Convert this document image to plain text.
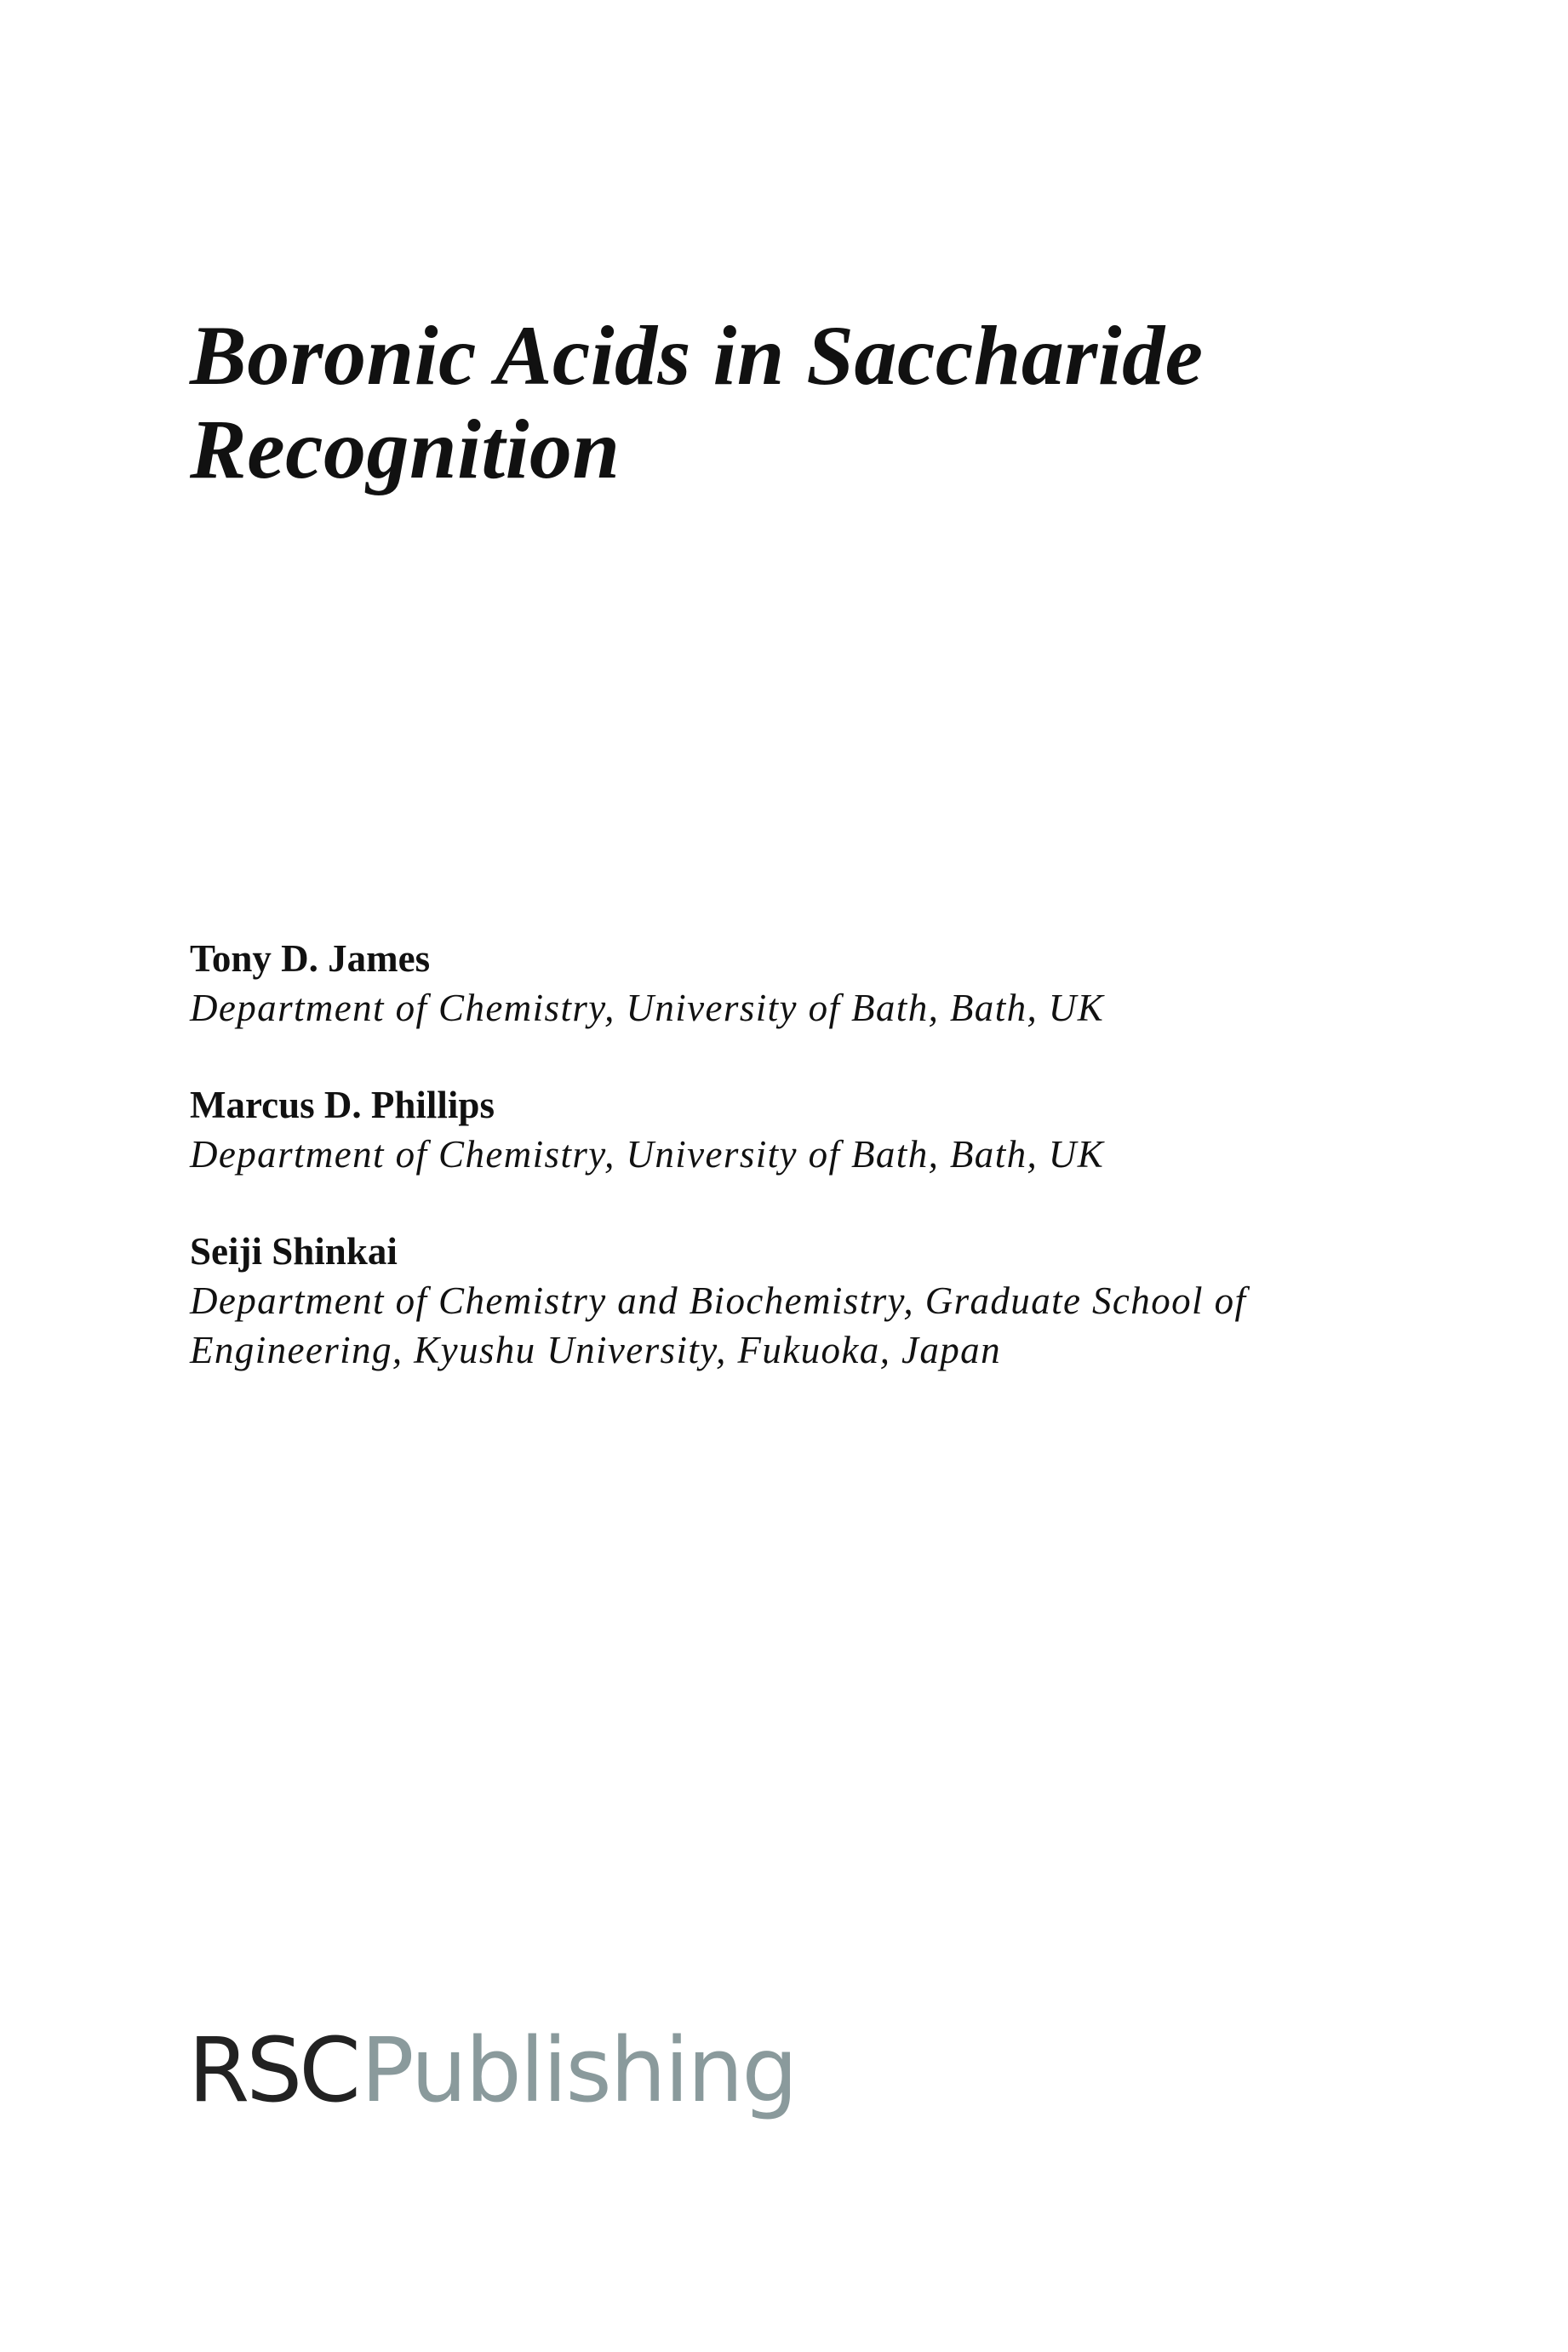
Boronic Acids in Saccharide
Recognition
Tony D. James
Department of Chemistry, University of Bath, Bath, UK
Marcus D. Phillips
Department of Chemistry, University of Bath, Bath, UK
Seiji Shinkai
Department of Chemistry and Biochemistry, Graduate School of
Engineering, Kyushu University, Fukuoka, Japan
RSCPublishing
